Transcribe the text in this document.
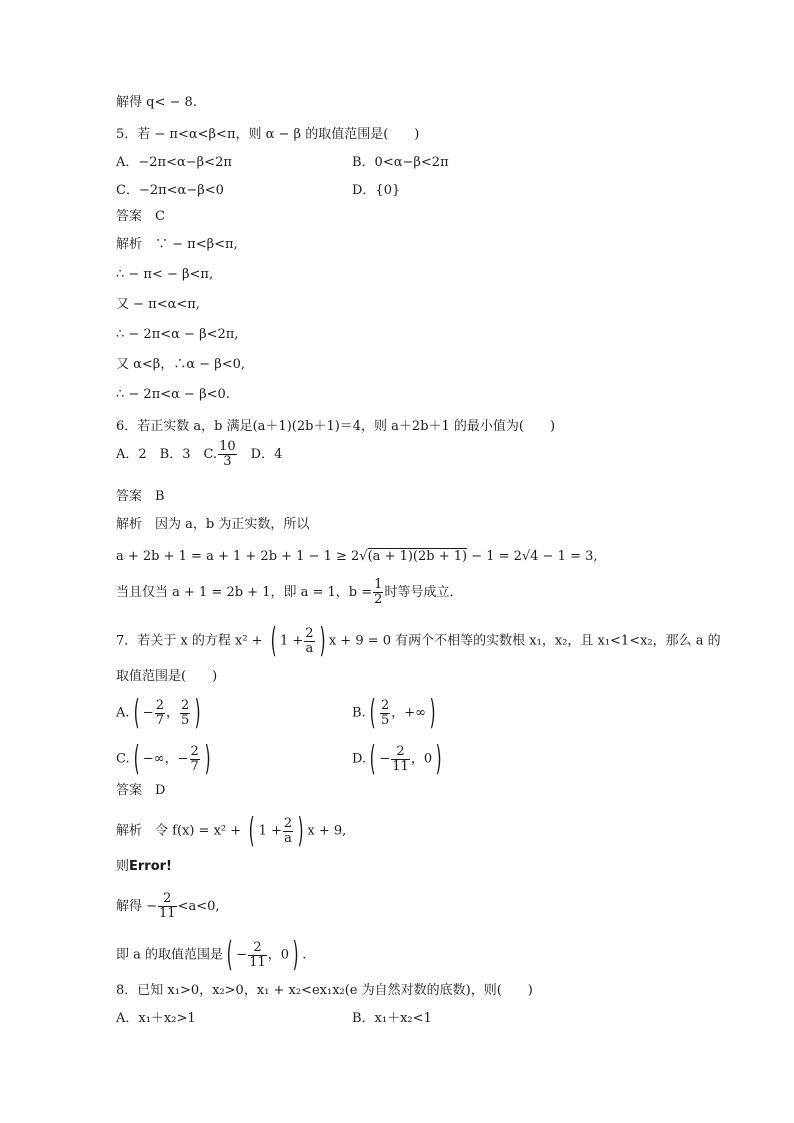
解得 q< − 8.
5．若 − π<α<β<π，则 α − β 的取值范围是(　　)
A．−2π<α−β<2π	B．0<α−β<2π
C．−2π<α−β<0	D．{0}
答案　C
解析　∵ − π<β<π,
∴ − π< − β<π,
又 − π<α<π,
∴ − 2π<α − β<2π,
又 α<β，∴α − β<0,
∴ − 2π<α − β<0.
6．若正实数 a，b 满足(a＋1)(2b＋1)＝4，则 a＋2b＋1 的最小值为(　　)
A．2　B．3　C. $\frac{10}{3}$
　 D．4
答案　B
解析　因为 a，b 为正实数，所以
a + 2b + 1 = a + 1 + 2b + 1 − 1 ≥ 2√(a + 1)(2b + 1) − 1 = 2√4 − 1 = 3,
当且仅当 a + 1 = 2b + 1，即 a = 1，$b = \frac{1}{2}$ 时等号成立．
7．若关于 x 的方程 x² + ( $1 + \frac{2}{a}$ ) x + 9 = 0 有两个不相等的实数根 x₁，x₂，且 x₁<1<x₂，那么 a 的
取值范围是(　　)
A. ( − $\frac{2}{7}$ ， $\frac{2}{5}$ )	B. ( $\frac{2}{5}$ ，+∞ )
C. ( −∞，− $\frac{2}{7}$ )	D. ( − $\frac{2}{11}$ ，0 )
答案　D
解析　令 f(x) = x² + ( $1 + \frac{2}{a}$ ) x + 9,
则Error!
解得 − $\frac{2}{11} <a<0$,
即 a 的取值范围是 ( − $\frac{2}{11}$ ，0 ) .
8．已知 x₁>0，x₂>0，x₁ + x₂<ex₁x₂(e 为自然对数的底数)，则(　　)
A．x₁＋x₂>1	B．x₁＋x₂<1
